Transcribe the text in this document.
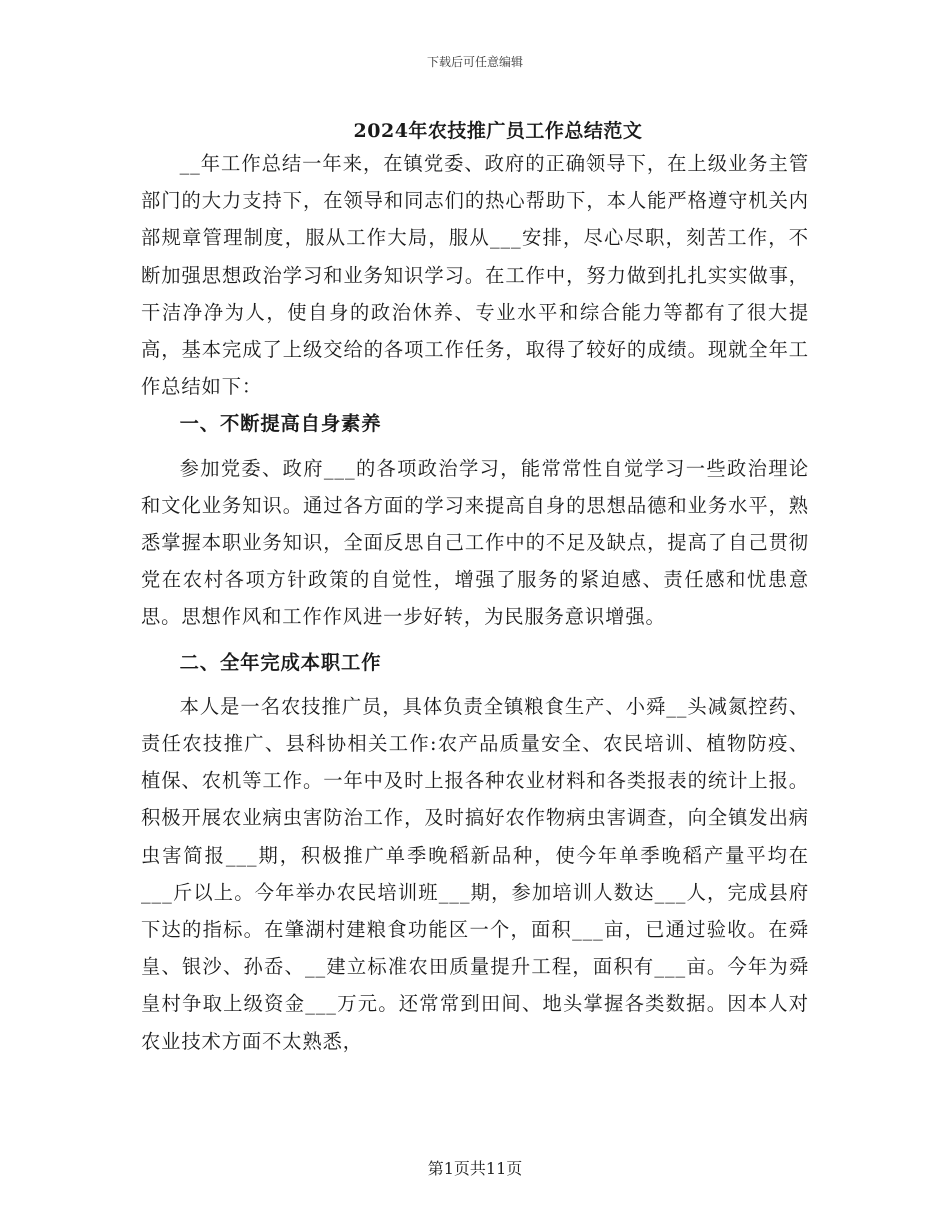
下载后可任意编辑
2024年农技推广员工作总结范文

__年工作总结一年来，在镇党委、政府的正确领导下，在上级业务主管部门的大力支持下，在领导和同志们的热心帮助下，本人能严格遵守机关内部规章管理制度，服从工作大局，服从___安排，尽心尽职，刻苦工作，不断加强思想政治学习和业务知识学习。在工作中，努力做到扎扎实实做事，干洁净净为人，使自身的政治休养、专业水平和综合能力等都有了很大提高，基本完成了上级交给的各项工作任务，取得了较好的成绩。现就全年工作总结如下：

一、不断提高自身素养

参加党委、政府___的各项政治学习，能常常性自觉学习一些政治理论和文化业务知识。通过各方面的学习来提高自身的思想品德和业务水平，熟悉掌握本职业务知识，全面反思自己工作中的不足及缺点，提高了自己贯彻党在农村各项方针政策的自觉性，增强了服务的紧迫感、责任感和忧患意思。思想作风和工作作风进一步好转，为民服务意识增强。

二、全年完成本职工作

本人是一名农技推广员，具体负责全镇粮食生产、小舜__头减氮控药、责任农技推广、县科协相关工作:农产品质量安全、农民培训、植物防疫、植保、农机等工作。一年中及时上报各种农业材料和各类报表的统计上报。积极开展农业病虫害防治工作，及时搞好农作物病虫害调查，向全镇发出病虫害简报___期，积极推广单季晚稻新品种，使今年单季晚稻产量平均在___斤以上。今年举办农民培训班___期，参加培训人数达___人，完成县府下达的指标。在肇湖村建粮食功能区一个，面积___亩，已通过验收。在舜皇、银沙、孙岙、__建立标准农田质量提升工程，面积有___亩。今年为舜皇村争取上级资金___万元。还常常到田间、地头掌握各类数据。因本人对农业技术方面不太熟悉，

第1页共11页
